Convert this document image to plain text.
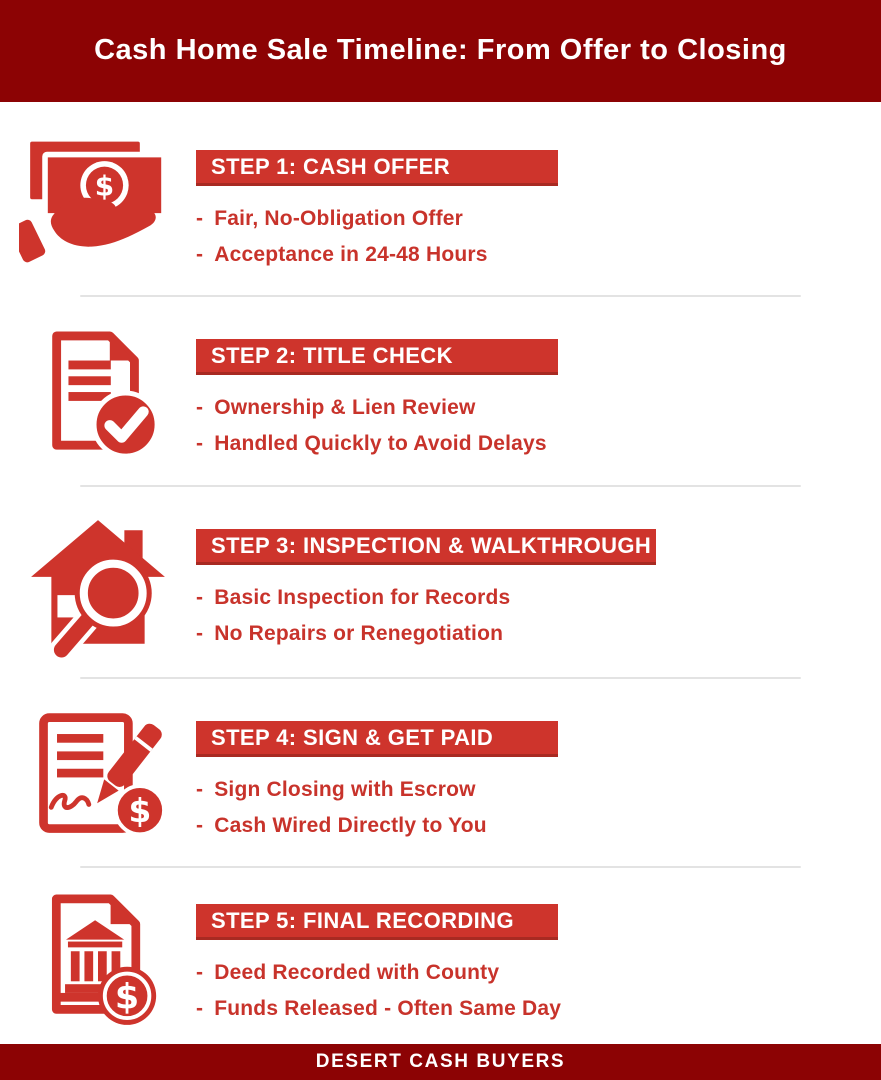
Cash Home Sale Timeline: From Offer to Closing
$
STEP 1: CASH OFFER
- Fair, No-Obligation Offer
- Acceptance in 24-48 Hours
STEP 2: TITLE CHECK
- Ownership & Lien Review
- Handled Quickly to Avoid Delays
STEP 3: INSPECTION & WALKTHROUGH
- Basic Inspection for Records
- No Repairs or Renegotiation
$
STEP 4: SIGN & GET PAID
- Sign Closing with Escrow
- Cash Wired Directly to You
$
STEP 5: FINAL RECORDING
- Deed Recorded with County
- Funds Released - Often Same Day
DESERT CASH BUYERS
